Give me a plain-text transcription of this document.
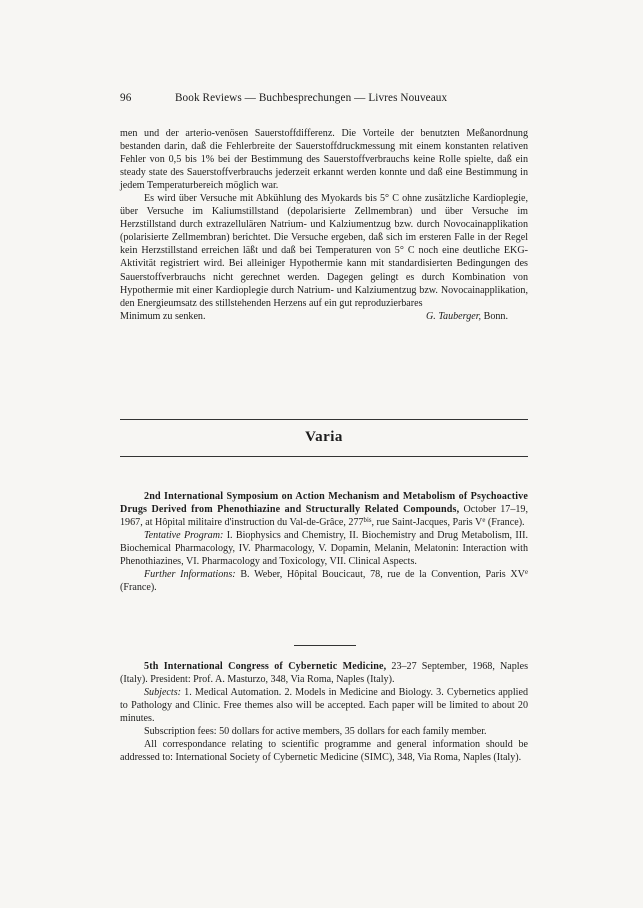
96	Book Reviews — Buchbesprechungen — Livres Nouveaux

men und der arterio-venösen Sauerstoffdifferenz. Die Vorteile der benutzten Meßanordnung bestanden darin, daß die Fehlerbreite der Sauerstoffdruckmessung mit einem konstanten relativen Fehler von 0,5 bis 1% bei der Bestimmung des Sauerstoffverbrauchs keine Rolle spielte, daß ein steady state des Sauerstoffverbrauchs jederzeit erkannt werden konnte und daß eine Bestimmung in jedem Temperaturbereich möglich war.

Es wird über Versuche mit Abkühlung des Myokards bis 5° C ohne zusätzliche Kardioplegie, über Versuche im Kaliumstillstand (depolarisierte Zellmembran) und über Versuche im Herzstillstand durch extrazellulären Natrium- und Kalziumentzug bzw. durch Novocainapplikation (polarisierte Zellmembran) berichtet. Die Versuche ergeben, daß sich im ersteren Falle in der Regel kein Herzstillstand erreichen läßt und daß bei Temperaturen von 5° C noch eine deutliche EKG-Aktivität registriert wird. Bei alleiniger Hypothermie kann mit standardisierten Bedingungen des Sauerstoffverbrauchs nicht gerechnet werden. Dagegen gelingt es durch Kombination von Hypothermie mit einer Kardioplegie durch Natrium- und Kalziumentzug bzw. Novocainapplikation, den Energieumsatz des stillstehenden Herzens auf ein gut reproduzierbares

Minimum zu senken.	G. Tauberger, Bonn.
Varia

2nd International Symposium on Action Mechanism and Metabolism of Psychoactive Drugs Derived from Phenothiazine and Structurally Related Compounds, October 17–19, 1967, at Hôpital militaire d'instruction du Val-de-Grâce, $277^{bis}$, rue Saint-Jacques, Paris Ve (France).

Tentative Program: I. Biophysics and Chemistry, II. Biochemistry and Drug Metabolism, III. Biochemical Pharmacology, IV. Pharmacology, V. Dopamin, Melanin, Melatonin: Interaction with Phenothiazines, VI. Pharmacology and Toxicology, VII. Clinical Aspects.

Further Informations: B. Weber, Hôpital Boucicaut, 78, rue de la Convention, Paris XVe (France).

5th International Congress of Cybernetic Medicine, 23–27 September, 1968, Naples (Italy). President: Prof. A. Masturzo, 348, Via Roma, Naples (Italy).

Subjects: 1. Medical Automation. 2. Models in Medicine and Biology. 3. Cybernetics applied to Pathology and Clinic. Free themes also will be accepted. Each paper will be limited to about 20 minutes.

Subscription fees: 50 dollars for active members, 35 dollars for each family member.

All correspondance relating to scientific programme and general information should be addressed to: International Society of Cybernetic Medicine (SIMC), 348, Via Roma, Naples (Italy).
